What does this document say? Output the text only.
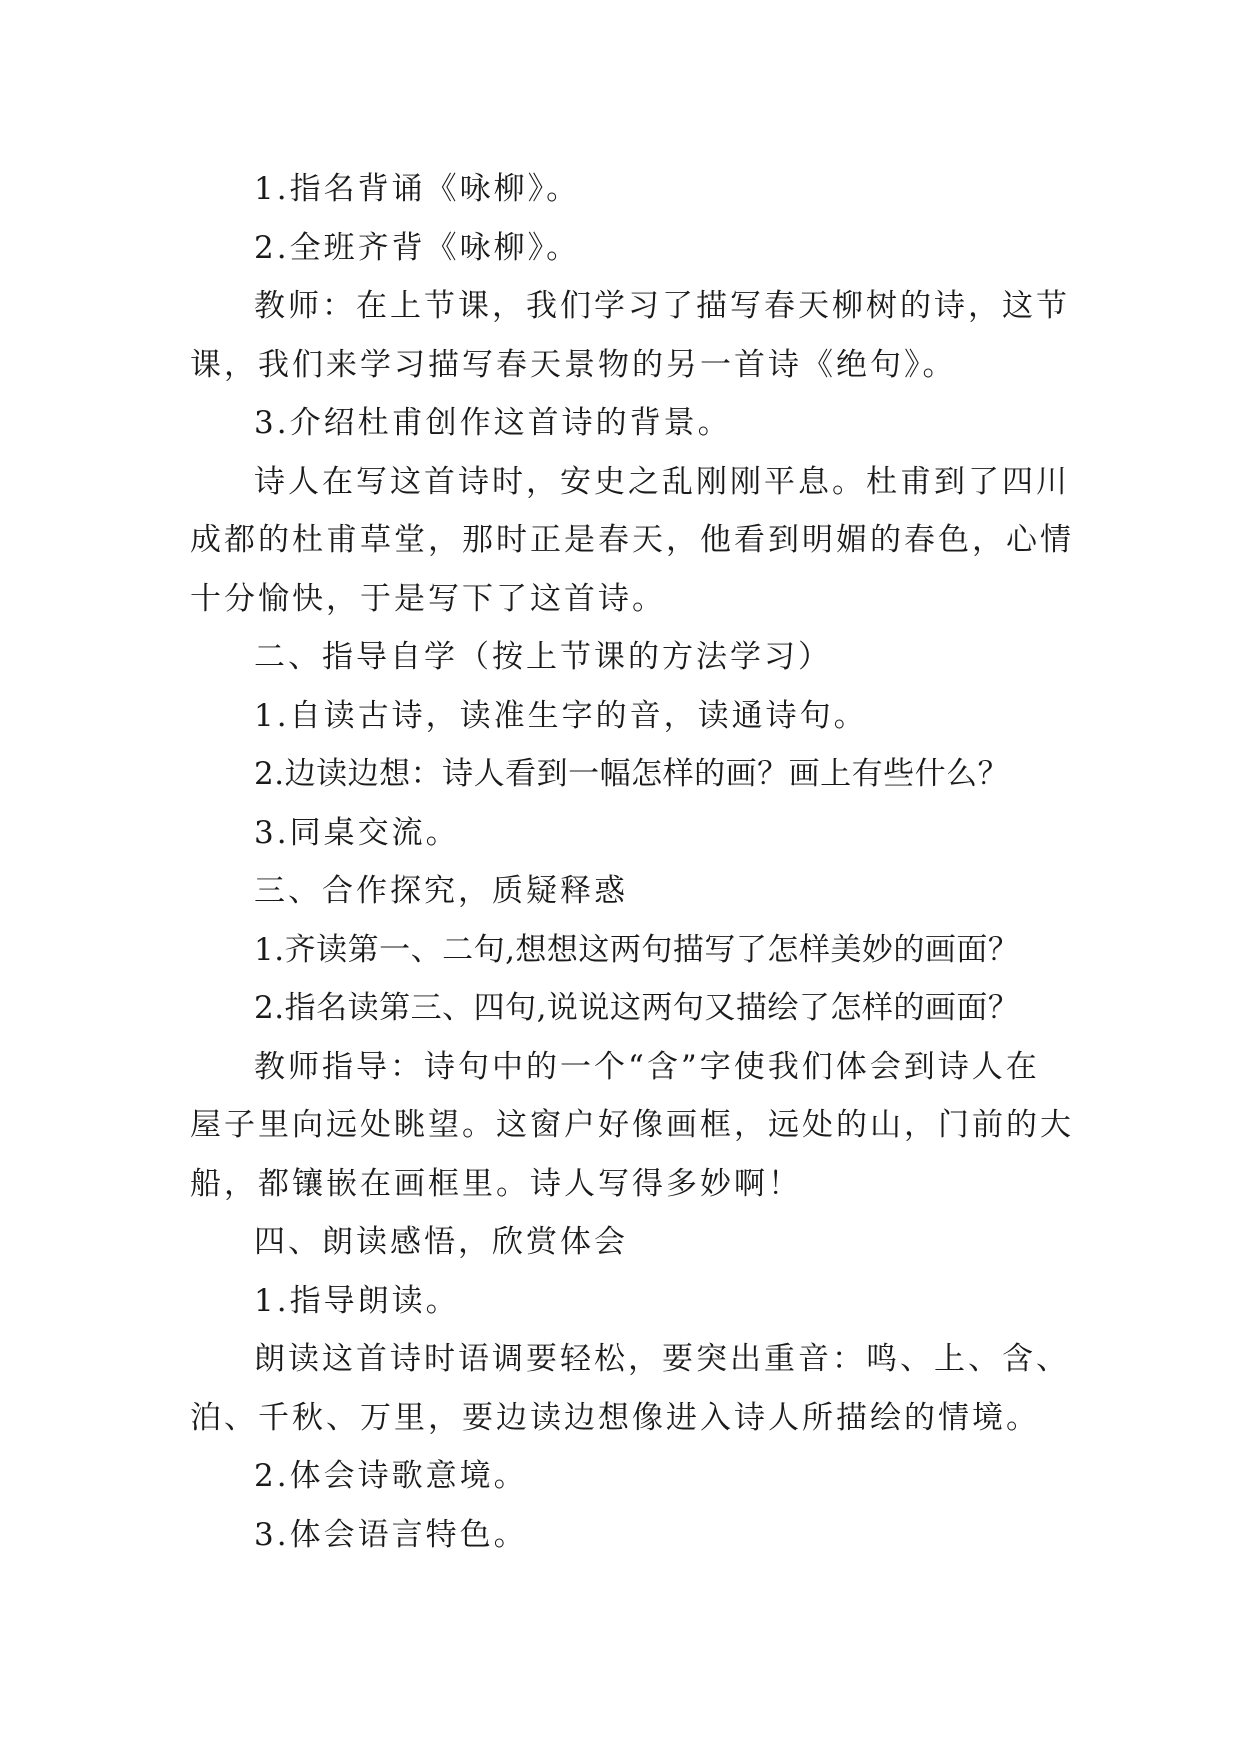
1.指名背诵《咏柳》。
2.全班齐背《咏柳》。
教师：在上节课，我们学习了描写春天柳树的诗，这节
课，我们来学习描写春天景物的另一首诗《绝句》。
3.介绍杜甫创作这首诗的背景。
诗人在写这首诗时，安史之乱刚刚平息。杜甫到了四川
成都的杜甫草堂，那时正是春天，他看到明媚的春色，心情
十分愉快，于是写下了这首诗。
二、指导自学（按上节课的方法学习）
1.自读古诗，读准生字的音，读通诗句。
2.边读边想：诗人看到一幅怎样的画？画上有些什么？
3.同桌交流。
三、合作探究，质疑释惑
1.齐读第一、二句,想想这两句描写了怎样美妙的画面？
2.指名读第三、四句,说说这两句又描绘了怎样的画面？
教师指导：诗句中的一个“含”字使我们体会到诗人在
屋子里向远处眺望。这窗户好像画框，远处的山，门前的大
船，都镶嵌在画框里。诗人写得多妙啊！
四、朗读感悟，欣赏体会
1.指导朗读。
朗读这首诗时语调要轻松，要突出重音：鸣、上、含、
泊、千秋、万里，要边读边想像进入诗人所描绘的情境。
2.体会诗歌意境。
3.体会语言特色。
